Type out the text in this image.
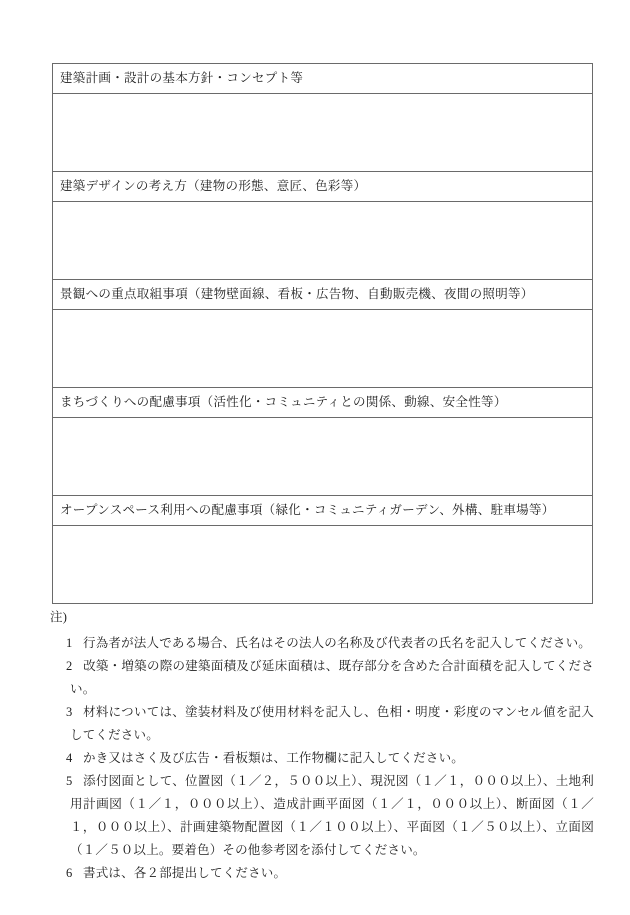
建築計画・設計の基本方針・コンセプト等
建築デザインの考え方（建物の形態、意匠、色彩等）
景観への重点取組事項（建物壁面線、看板・広告物、自動販売機、夜間の照明等）
まちづくりへの配慮事項（活性化・コミュニティとの関係、動線、安全性等）
オープンスペース利用への配慮事項（緑化・コミュニティガーデン、外構、駐車場等）
注)
1 行為者が法人である場合、氏名はその法人の名称及び代表者の氏名を記入してください。
2 改築・増築の際の建築面積及び延床面積は、既存部分を含めた合計面積を記入してください。
3 材料については、塗装材料及び使用材料を記入し、色相・明度・彩度のマンセル値を記入してください。
4 かき又はさく及び広告・看板類は、工作物欄に記入してください。
5 添付図面として、位置図（１／２，５００以上）、現況図（１／１，０００以上）、土地利用計画図（１／１，０００以上）、造成計画平面図（１／１，０００以上）、断面図（１／１，０００以上）、計画建築物配置図（１／１００以上）、平面図（１／５０以上）、立面図（１／５０以上。要着色）その他参考図を添付してください。
6 書式は、各２部提出してください。
